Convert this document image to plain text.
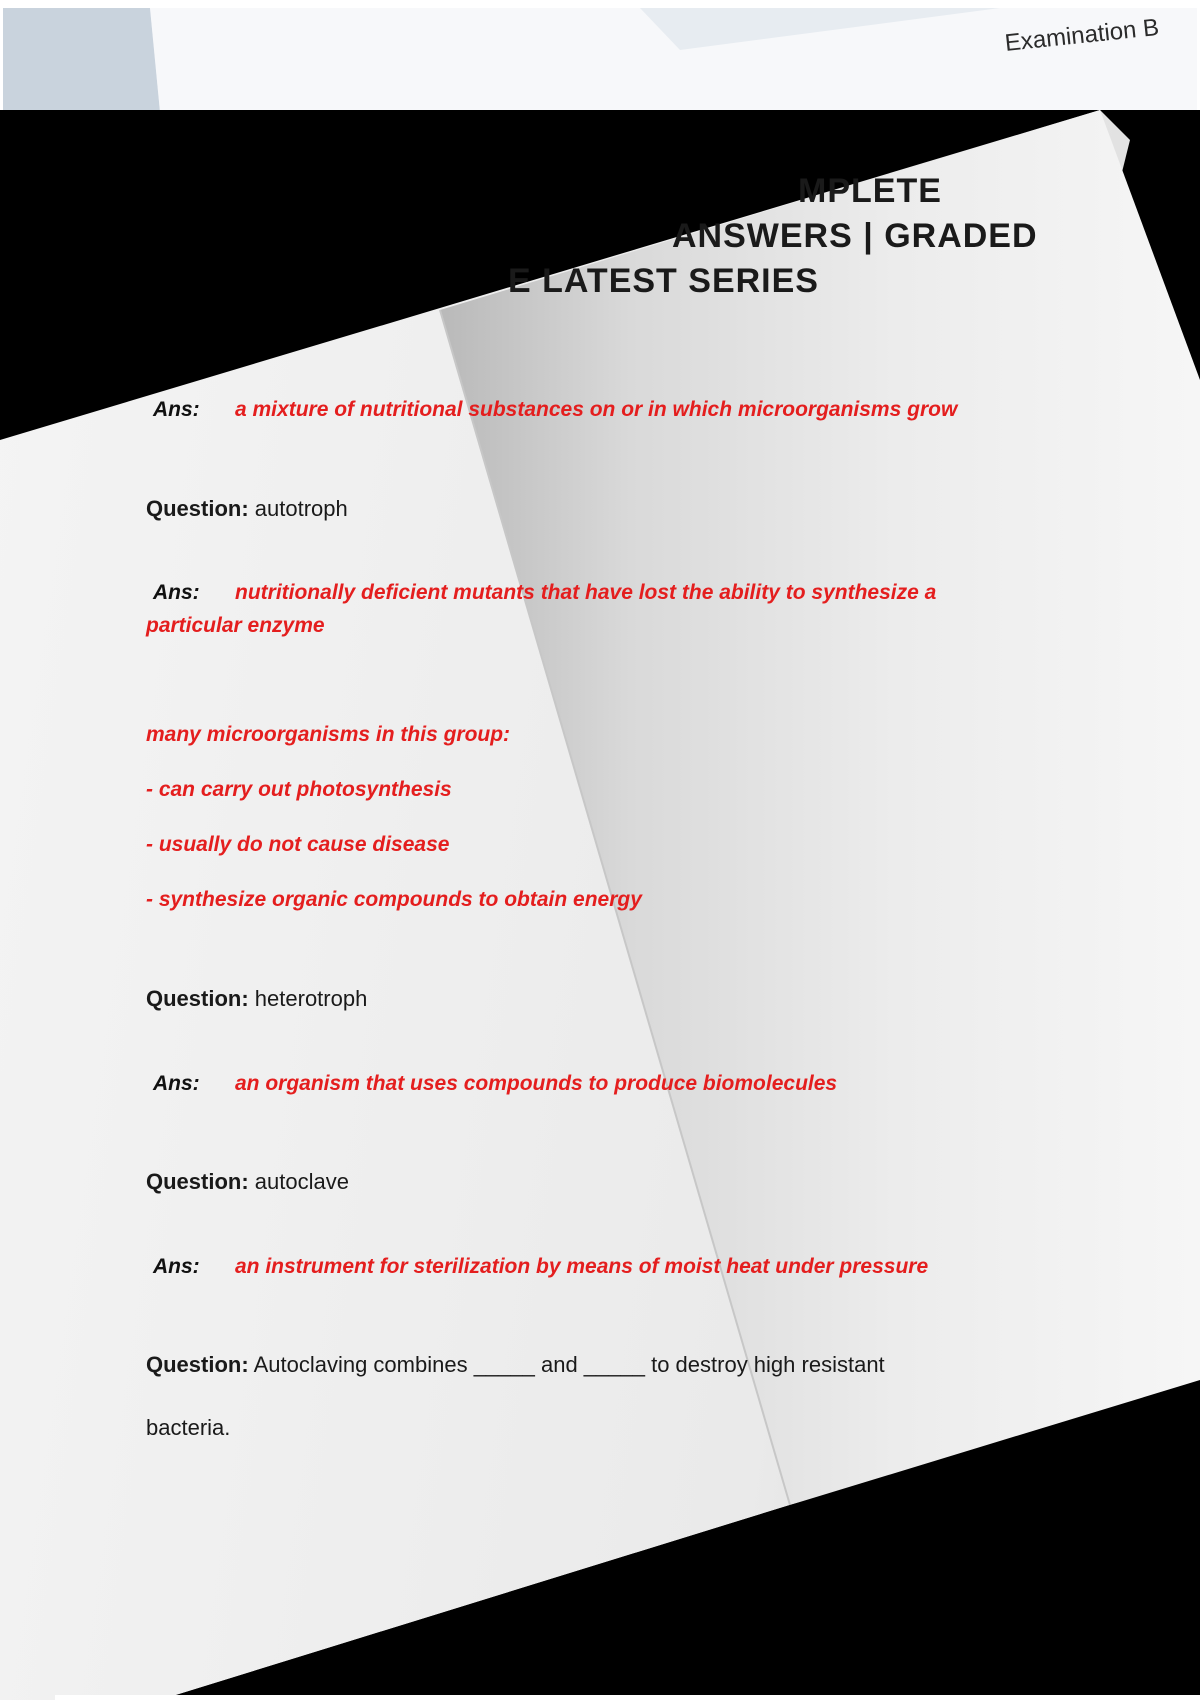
Examination B
MPLETE
ANSWERS | GRADED
E LATEST SERIES
Ans: a mixture of nutritional substances on or in which microorganisms grow
Question: autotroph
Ans: nutritionally deficient mutants that have lost the ability to synthesize a
particular enzyme
many microorganisms in this group:
- can carry out photosynthesis
- usually do not cause disease
- synthesize organic compounds to obtain energy
Question: heterotroph
Ans: an organism that uses compounds to produce biomolecules
Question: autoclave
Ans: an instrument for sterilization by means of moist heat under pressure
Question: Autoclaving combines _____ and _____ to destroy high resistant
bacteria.
